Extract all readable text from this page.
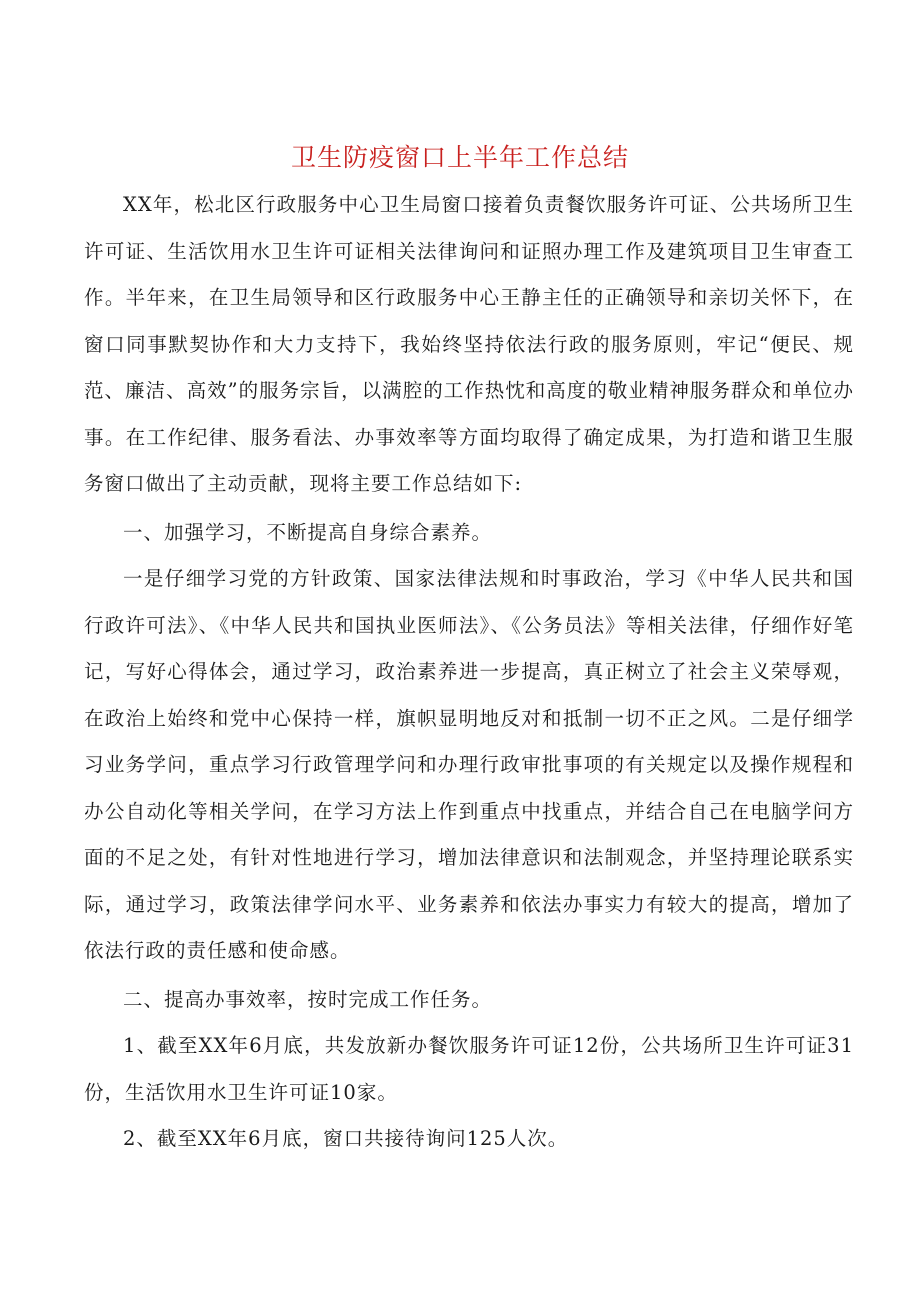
卫生防疫窗口上半年工作总结

XX年，松北区行政服务中心卫生局窗口接着负责餐饮服务许可证、公共场所卫生许可证、生活饮用水卫生许可证相关法律询问和证照办理工作及建筑项目卫生审查工作。半年来，在卫生局领导和区行政服务中心王静主任的正确领导和亲切关怀下，在窗口同事默契协作和大力支持下，我始终坚持依法行政的服务原则，牢记“便民、规范、廉洁、高效”的服务宗旨，以满腔的工作热忱和高度的敬业精神服务群众和单位办事。在工作纪律、服务看法、办事效率等方面均取得了确定成果，为打造和谐卫生服务窗口做出了主动贡献，现将主要工作总结如下:

一、加强学习，不断提高自身综合素养。

一是仔细学习党的方针政策、国家法律法规和时事政治，学习《中华人民共和国行政许可法》、《中华人民共和国执业医师法》、《公务员法》等相关法律，仔细作好笔记，写好心得体会，通过学习，政治素养进一步提高，真正树立了社会主义荣辱观，在政治上始终和党中心保持一样，旗帜显明地反对和抵制一切不正之风。二是仔细学习业务学问，重点学习行政管理学问和办理行政审批事项的有关规定以及操作规程和办公自动化等相关学问，在学习方法上作到重点中找重点，并结合自己在电脑学问方面的不足之处，有针对性地进行学习，增加法律意识和法制观念，并坚持理论联系实际，通过学习，政策法律学问水平、业务素养和依法办事实力有较大的提高，增加了依法行政的责任感和使命感。

二、提高办事效率，按时完成工作任务。

1、截至XX年6月底，共发放新办餐饮服务许可证12份，公共场所卫生许可证31份，生活饮用水卫生许可证10家。

2、截至XX年6月底，窗口共接待询问125人次。
